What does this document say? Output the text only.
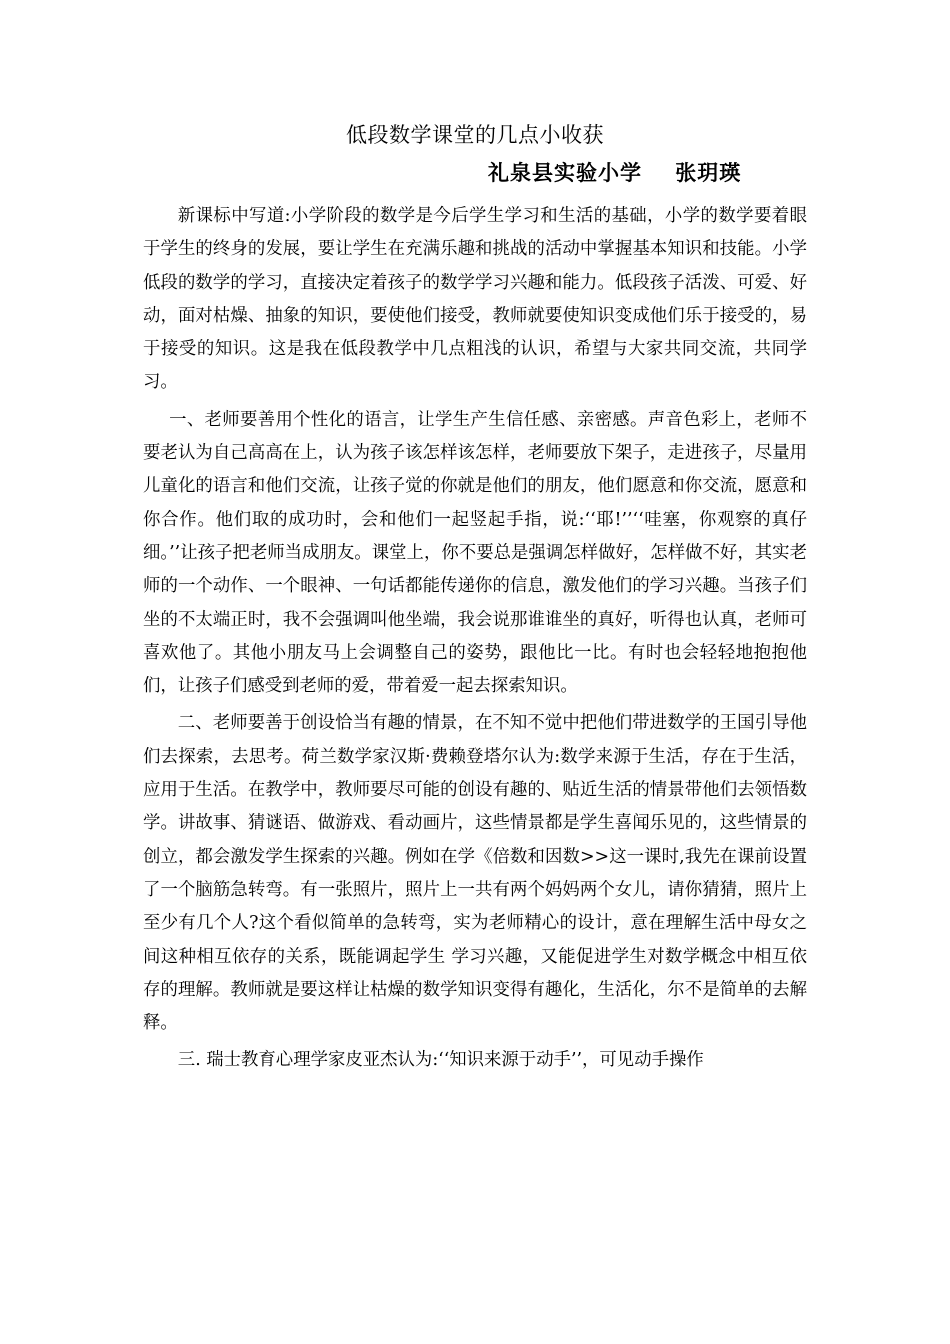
低段数学课堂的几点小收获
礼泉县实验小学    张玥瑛

新课标中写道:小学阶段的数学是今后学生学习和生活的基础，小学的数学要着眼于学生的终身的发展，要让学生在充满乐趣和挑战的活动中掌握基本知识和技能。小学低段的数学的学习，直接决定着孩子的数学学习兴趣和能力。低段孩子活泼、可爱、好动，面对枯燥、抽象的知识，要使他们接受，教师就要使知识变成他们乐于接受的，易于接受的知识。这是我在低段教学中几点粗浅的认识，希望与大家共同交流，共同学习。

一、老师要善用个性化的语言，让学生产生信任感、亲密感。声音色彩上，老师不要老认为自己高高在上，认为孩子该怎样该怎样，老师要放下架子，走进孩子，尽量用儿童化的语言和他们交流，让孩子觉的你就是他们的朋友，他们愿意和你交流，愿意和你合作。他们取的成功时，会和他们一起竖起手指，说:‘‘耶!’’‘‘哇塞，你观察的真仔细。’’让孩子把老师当成朋友。课堂上，你不要总是强调怎样做好，怎样做不好，其实老师的一个动作、一个眼神、一句话都能传递你的信息，激发他们的学习兴趣。当孩子们坐的不太端正时，我不会强调叫他坐端，我会说那谁谁坐的真好，听得也认真，老师可喜欢他了。其他小朋友马上会调整自己的姿势，跟他比一比。有时也会轻轻地抱抱他们，让孩子们感受到老师的爱，带着爱一起去探索知识。

二、老师要善于创设恰当有趣的情景，在不知不觉中把他们带进数学的王国引导他们去探索，去思考。荷兰数学家汉斯·费赖登塔尔认为:数学来源于生活，存在于生活，应用于生活。在教学中，教师要尽可能的创设有趣的、贴近生活的情景带他们去领悟数学。讲故事、猜谜语、做游戏、看动画片，这些情景都是学生喜闻乐见的，这些情景的创立，都会激发学生探索的兴趣。例如在学《倍数和因数>>这一课时,我先在课前设置了一个脑筋急转弯。有一张照片，照片上一共有两个妈妈两个女儿，请你猜猜，照片上至少有几个人?这个看似简单的急转弯，实为老师精心的设计，意在理解生活中母女之间这种相互依存的关系，既能调起学生 学习兴趣，又能促进学生对数学概念中相互依存的理解。教师就是要这样让枯燥的数学知识变得有趣化，生活化，尔不是简单的去解释。

三. 瑞士教育心理学家皮亚杰认为:‘‘知识来源于动手’’，可见动手操作
